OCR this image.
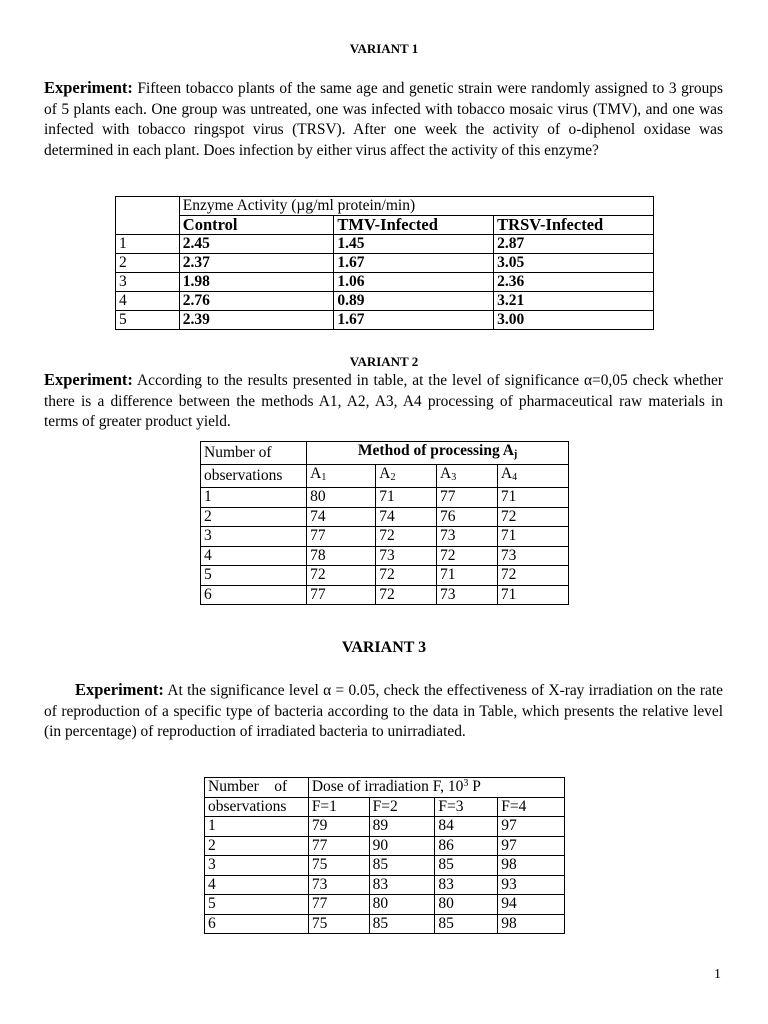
VARIANT 1
Experiment: Fifteen tobacco plants of the same age and genetic strain were randomly assigned to 3 groups of 5 plants each. One group was untreated, one was infected with tobacco mosaic virus (TMV), and one was infected with tobacco ringspot virus (TRSV). After one week the activity of o-diphenol oxidase was determined in each plant. Does infection by either virus affect the activity of this enzyme?
	Enzyme Activity (µg/ml protein/min)		
	Control	TMV-Infected	TRSV-Infected
1	2.45	1.45	2.87
2	2.37	1.67	3.05
3	1.98	1.06	2.36
4	2.76	0.89	3.21
5	2.39	1.67	3.00
VARIANT 2
Experiment: According to the results presented in table, at the level of significance α=0,05 check whether there is a difference between the methods A1, A2, A3, A4 processing of pharmaceutical raw materials in terms of greater product yield.
Number of	Method of processing $A_j$
observations	$A_1$	$A_2$	$A_3$	$A_4$
1	80	71	77	71
2	74	74	76	72
3	77	72	73	71
4	78	73	72	73
5	72	72	71	72
6	77	72	73	71
VARIANT 3
Experiment: At the significance level α = 0.05, check the effectiveness of X-ray irradiation on the rate of reproduction of a specific type of bacteria according to the data in Table, which presents the relative level (in percentage) of reproduction of irradiated bacteria to unirradiated.
Number    of	Dose of irradiation F, $10^3$ P			
observations	F=1	F=2	F=3	F=4
1	79	89	84	97
2	77	90	86	97
3	75	85	85	98
4	73	83	83	93
5	77	80	80	94
6	75	85	85	98
1
